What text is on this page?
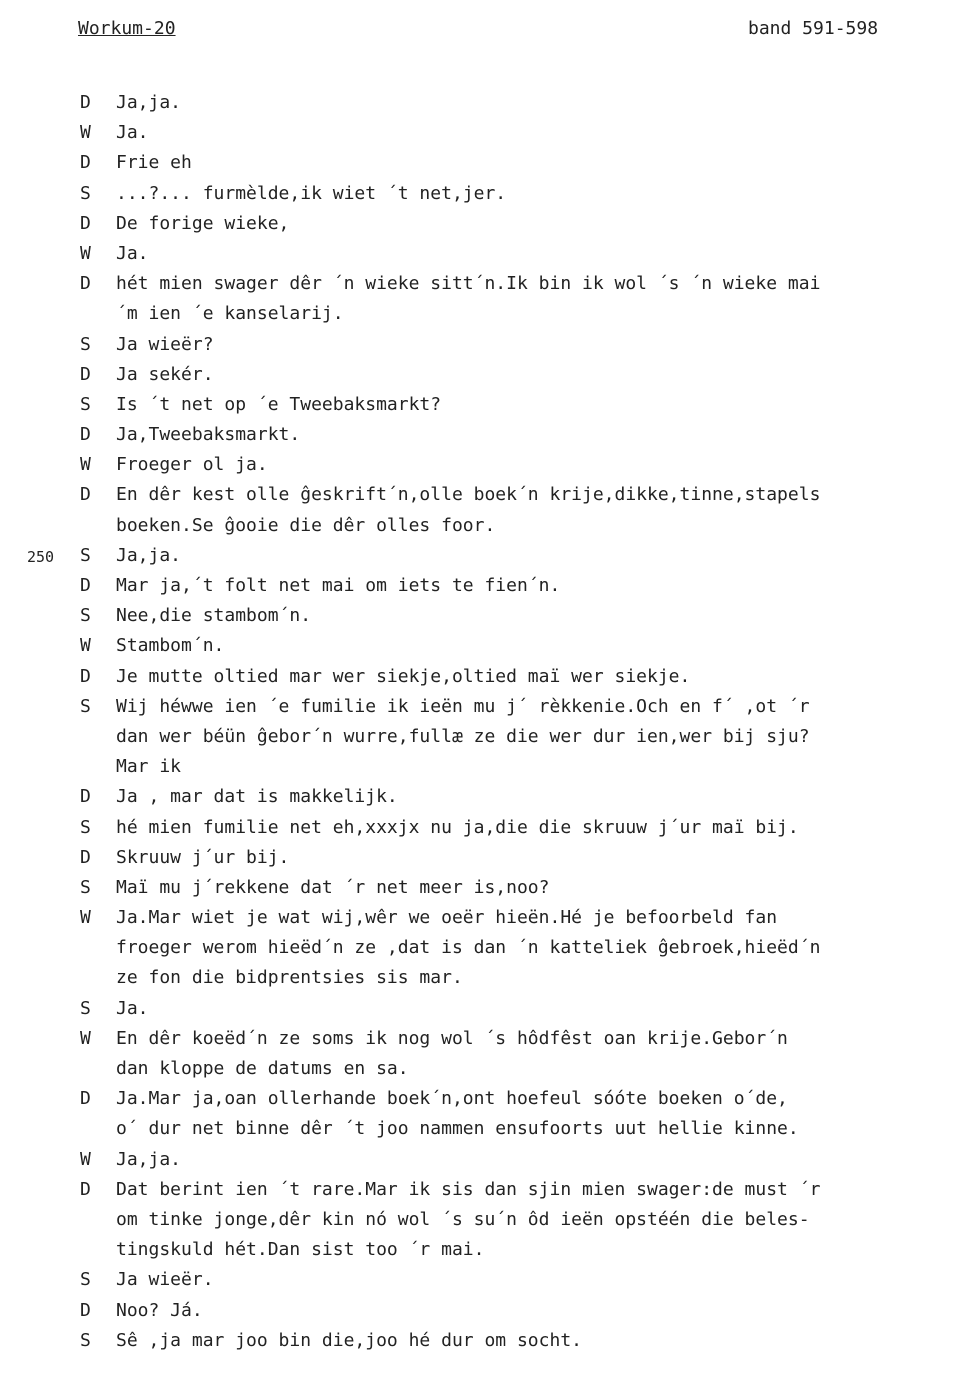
Workum-20	band 591-598
D Ja,ja.
W Ja.
D Frie eh
S ...?... furmèlde,ik wiet ´t net,jer.
D De forige wieke,
W Ja.
D hét mien swager dêr ´n wieke sitt´n.Ik bin ik wol ´s ´n wieke mai
´m ien ´e kanselarij.
S Ja wieër?
D Ja sekér.
S Is ´t net op ´e Tweebaksmarkt?
D Ja,Tweebaksmarkt.
W Froeger ol ja.
D En dêr kest olle ĝeskrift´n,olle boek´n krije,dikke,tinne,stapels
boeken.Se ĝooie die dêr olles foor.
250 S Ja,ja.
D Mar ja,´t folt net mai om iets te fien´n.
S Nee,die stambom´n.
W Stambom´n.
D Je mutte oltied mar wer siekje,oltied maï wer siekje.
S Wij héwwe ien ´e fumilie ik ieën mu j´ rèkkenie.Och en f´ ,ot ´r
dan wer béün ĝebor´n wurre,fullæ ze die wer dur ien,wer bij sju?
Mar ik
D Ja , mar dat is makkelijk.
S hé mien fumilie net eh,xxxjx nu ja,die die skruuw j´ur maï bij.
D Skruuw j´ur bij.
S Maï mu j´rekkene dat ´r net meer is,noo?
W Ja.Mar wiet je wat wij,wêr we oeër hieën.Hé je befoorbeld fan
froeger werom hieëd´n ze ,dat is dan ´n katteliek ĝebroek,hieëd´n
ze fon die bidprentsies sis mar.
S Ja.
W En dêr koeëd´n ze soms ik nog wol ´s hôdfêst oan krije.Gebor´n
dan kloppe de datums en sa.
D Ja.Mar ja,oan ollerhande boek´n,ont hoefeul sóóte boeken o´de,
o´ dur net binne dêr ´t joo nammen ensufoorts uut hellie kinne.
W Ja,ja.
D Dat berint ien ´t rare.Mar ik sis dan sjin mien swager:de must ´r
om tinke jonge,dêr kin nó wol ´s su´n ôd ieën opstéén die beles-
tingskuld hét.Dan sist too ´r mai.
S Ja wieër.
D Noo? Já.
S Sê ,ja mar joo bin die,joo hé dur om socht.
